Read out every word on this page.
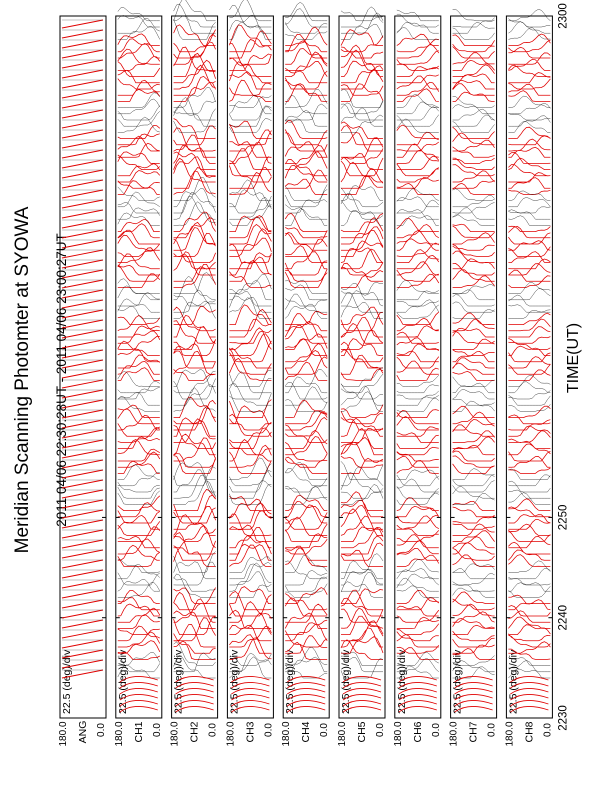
Meridian Scanning Photomter at SYOWA 2011 04/06 22:30:28UT - 2011 04/06 23:00:27UT	TIME(UT)
2230
2240
2250
2300
180.0	0.0
ANG
22.5 (deg)/div
180.0	0.0
CH1
22.5 (deg)/div
180.0	0.0
CH2
22.5 (deg)/div
180.0	0.0
CH3
22.5 (deg)/div
180.0	0.0
CH4
22.5 (deg)/div
180.0	0.0
CH5
22.5 (deg)/div
180.0	0.0
CH6
22.5 (deg)/div
180.0	0.0
CH7
22.5 (deg)/div
180.0	0.0
CH8
22.5 (deg)/div
